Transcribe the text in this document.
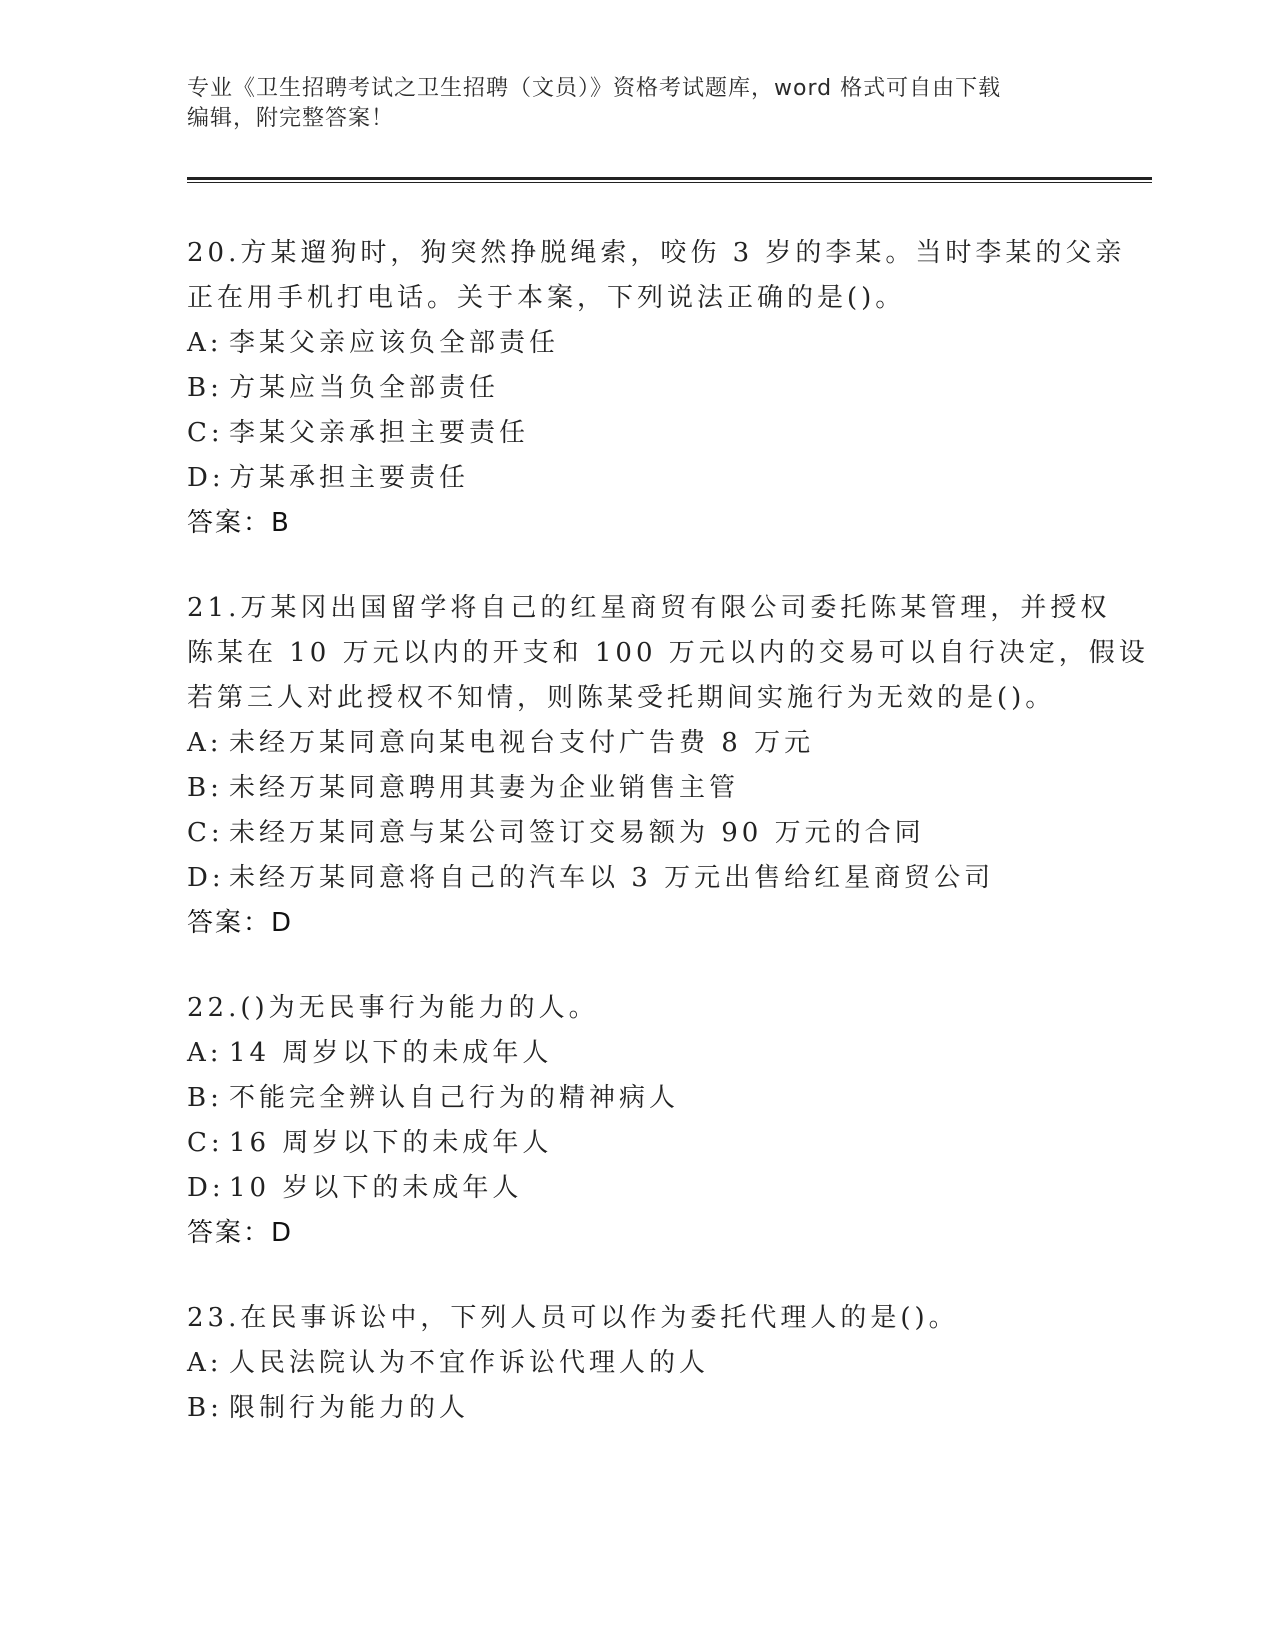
专业《卫生招聘考试之卫生招聘（文员）》资格考试题库，word 格式可自由下载
编辑，附完整答案！
20.方某遛狗时，狗突然挣脱绳索，咬伤 3 岁的李某。当时李某的父亲
正在用手机打电话。关于本案，下列说法正确的是()。
A: 李某父亲应该负全部责任
B: 方某应当负全部责任
C: 李某父亲承担主要责任
D: 方某承担主要责任
答案：B
21.万某冈出国留学将自己的红星商贸有限公司委托陈某管理，并授权
陈某在 10 万元以内的开支和 100 万元以内的交易可以自行决定，假设
若第三人对此授权不知情，则陈某受托期间实施行为无效的是()。
A: 未经万某同意向某电视台支付广告费 8 万元
B: 未经万某同意聘用其妻为企业销售主管
C: 未经万某同意与某公司签订交易额为 90 万元的合同
D: 未经万某同意将自己的汽车以 3 万元出售给红星商贸公司
答案：D
22.()为无民事行为能力的人。
A: 14 周岁以下的未成年人
B: 不能完全辨认自己行为的精神病人
C: 16 周岁以下的未成年人
D: 10 岁以下的未成年人
答案：D
23.在民事诉讼中，下列人员可以作为委托代理人的是()。
A: 人民法院认为不宜作诉讼代理人的人
B: 限制行为能力的人
